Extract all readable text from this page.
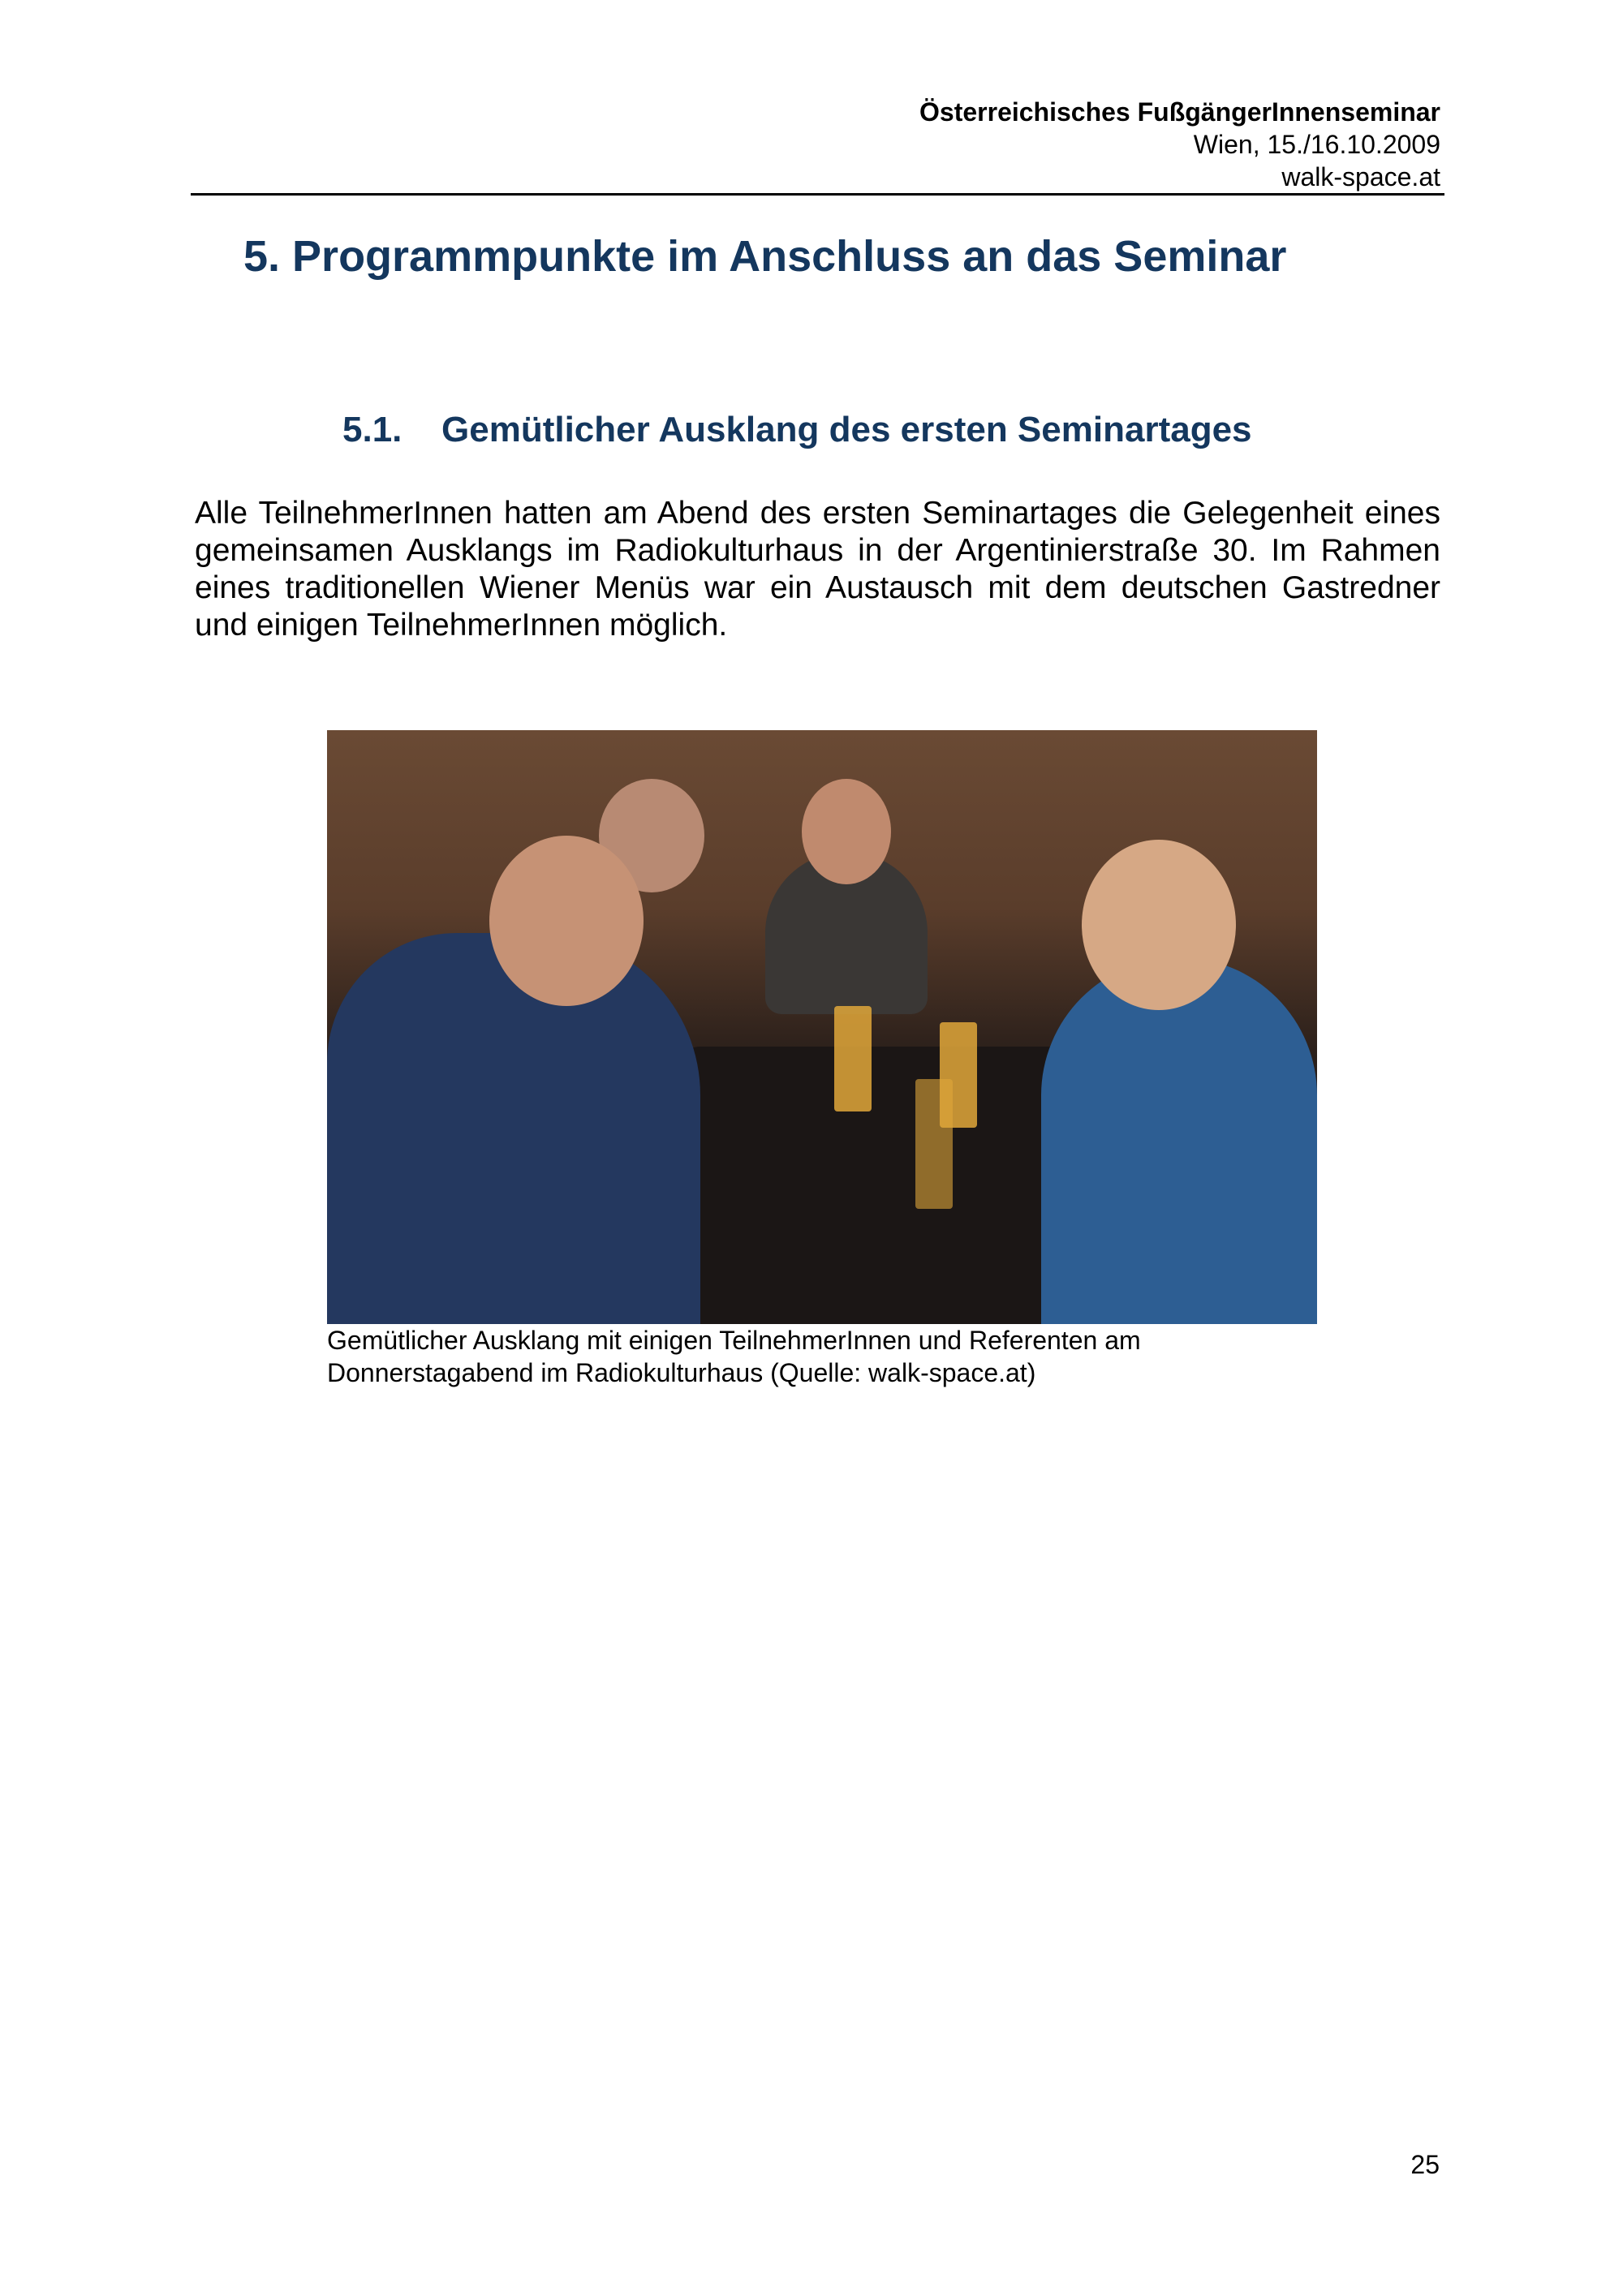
Österreichisches FußgängerInnenseminar
Wien, 15./16.10.2009
walk-space.at
5. Programmpunkte im Anschluss an das Seminar
5.1. Gemütlicher Ausklang des ersten Seminartages

Alle TeilnehmerInnen hatten am Abend des ersten Seminartages die Gelegenheit eines gemeinsamen Ausklangs im Radiokulturhaus in der Argentinierstraße 30. Im Rahmen eines traditionellen Wiener Menüs war ein Austausch mit dem deutschen Gastredner und einigen TeilnehmerInnen möglich.

Gemütlicher Ausklang mit einigen TeilnehmerInnen und Referenten am
Donnerstagabend im Radiokulturhaus (Quelle: walk-space.at)

25
